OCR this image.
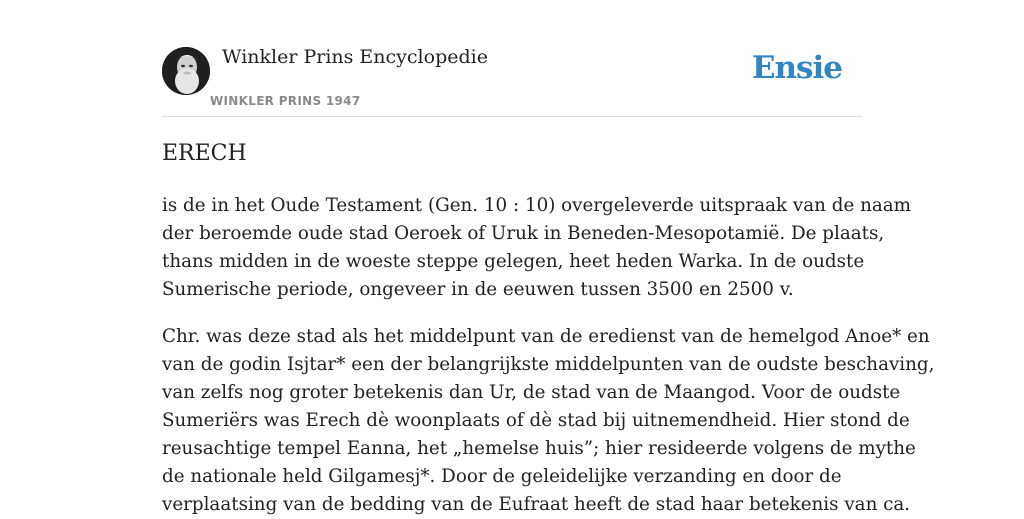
Winkler Prins Encyclopedie
WINKLER PRINS 1947
Ensie
ERECH

is de in het Oude Testament (Gen. 10 : 10) overgeleverde uitspraak van de naam
der beroemde oude stad Oeroek of Uruk in Beneden-Mesopotamië. De plaats,
thans midden in de woeste steppe gelegen, heet heden Warka. In de oudste
Sumerische periode, ongeveer in de eeuwen tussen 3500 en 2500 v.

Chr. was deze stad als het middelpunt van de eredienst van de hemelgod Anoe* en
van de godin Isjtar* een der belangrijkste middelpunten van de oudste beschaving,
van zelfs nog groter betekenis dan Ur, de stad van de Maangod. Voor de oudste
Sumeriërs was Erech dè woonplaats of dè stad bij uitnemendheid. Hier stond de
reusachtige tempel Eanna, het „hemelse huis”; hier resideerde volgens de mythe
de nationale held Gilgamesj*. Door de geleidelijke verzanding en door de
verplaatsing van de bedding van de Eufraat heeft de stad haar betekenis van ca.
